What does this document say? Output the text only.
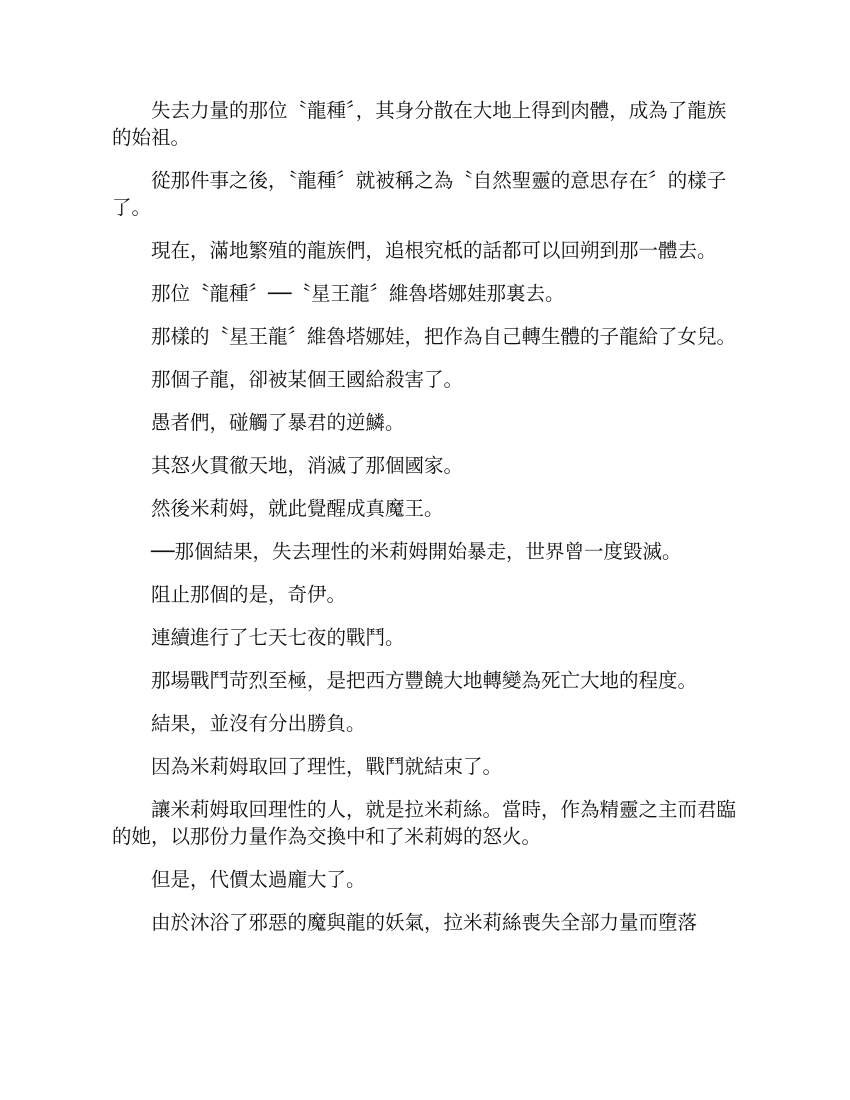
失去力量的那位〝龍種〞，其身分散在大地上得到肉體，成為了龍族的始祖。

從那件事之後，〝龍種〞就被稱之為〝自然聖靈的意思存在〞的樣子了。

現在，滿地繁殖的龍族們，追根究柢的話都可以回朔到那一體去。

那位〝龍種〞──〝星王龍〞維魯塔娜娃那裏去。

那樣的〝星王龍〞維魯塔娜娃，把作為自己轉生體的子龍給了女兒。

那個子龍，卻被某個王國給殺害了。

愚者們，碰觸了暴君的逆鱗。

其怒火貫徹天地，消滅了那個國家。

然後米莉姆，就此覺醒成真魔王。

──那個結果，失去理性的米莉姆開始暴走，世界曾一度毀滅。

阻止那個的是，奇伊。

連續進行了七天七夜的戰鬥。

那場戰鬥苛烈至極，是把西方豐饒大地轉變為死亡大地的程度。

結果，並沒有分出勝負。

因為米莉姆取回了理性，戰鬥就結束了。

讓米莉姆取回理性的人，就是拉米莉絲。當時，作為精靈之主而君臨的她，以那份力量作為交換中和了米莉姆的怒火。

但是，代價太過龐大了。

由於沐浴了邪惡的魔與龍的妖氣，拉米莉絲喪失全部力量而墮落
